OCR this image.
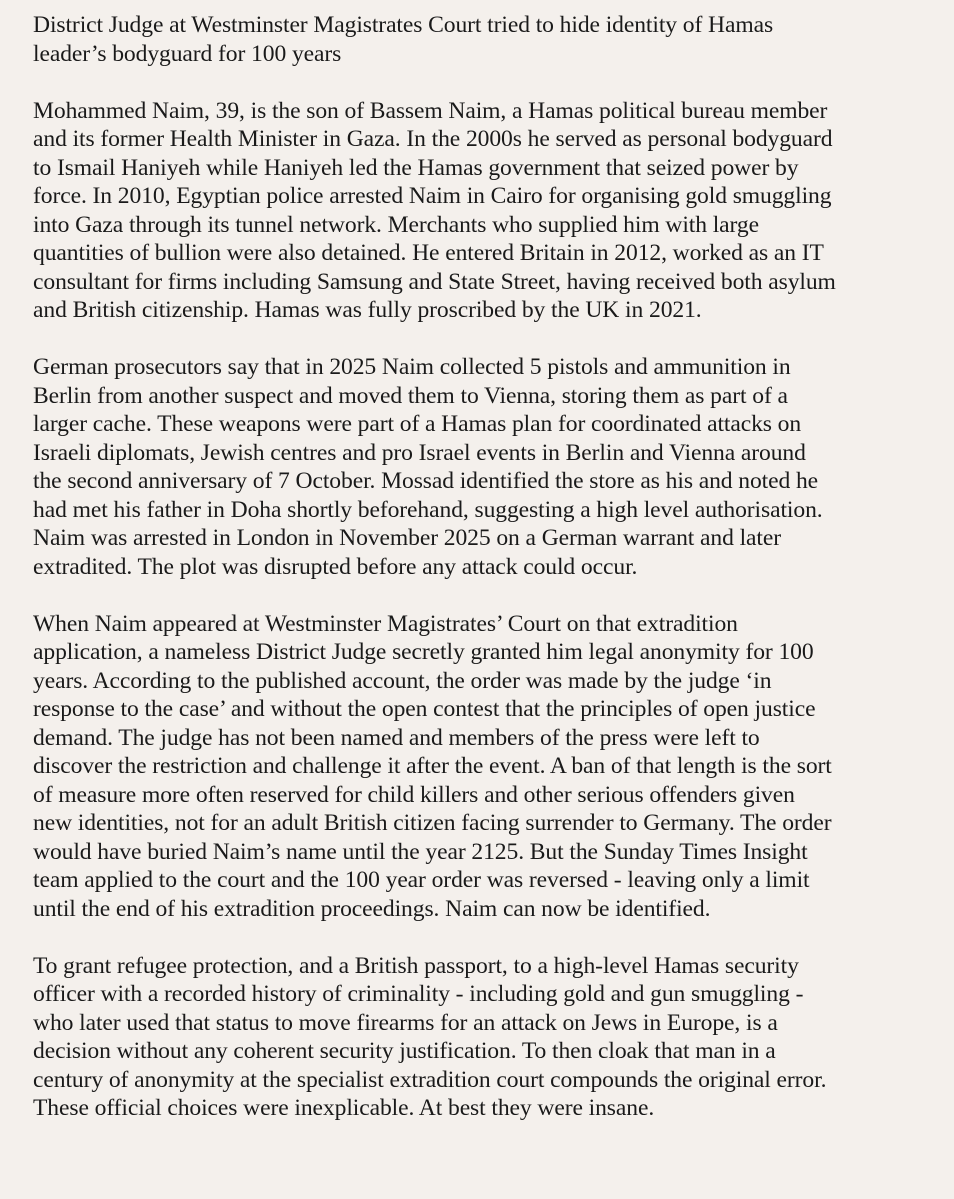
District Judge at Westminster Magistrates Court tried to hide identity of Hamas
leader’s bodyguard for 100 years
Mohammed Naim, 39, is the son of Bassem Naim, a Hamas political bureau member
and its former Health Minister in Gaza. In the 2000s he served as personal bodyguard
to Ismail Haniyeh while Haniyeh led the Hamas government that seized power by
force. In 2010, Egyptian police arrested Naim in Cairo for organising gold smuggling
into Gaza through its tunnel network. Merchants who supplied him with large
quantities of bullion were also detained. He entered Britain in 2012, worked as an IT
consultant for firms including Samsung and State Street, having received both asylum
and British citizenship. Hamas was fully proscribed by the UK in 2021.
German prosecutors say that in 2025 Naim collected 5 pistols and ammunition in
Berlin from another suspect and moved them to Vienna, storing them as part of a
larger cache. These weapons were part of a Hamas plan for coordinated attacks on
Israeli diplomats, Jewish centres and pro Israel events in Berlin and Vienna around
the second anniversary of 7 October. Mossad identified the store as his and noted he
had met his father in Doha shortly beforehand, suggesting a high level authorisation.
Naim was arrested in London in November 2025 on a German warrant and later
extradited. The plot was disrupted before any attack could occur.
When Naim appeared at Westminster Magistrates’ Court on that extradition
application, a nameless District Judge secretly granted him legal anonymity for 100
years. According to the published account, the order was made by the judge ‘in
response to the case’ and without the open contest that the principles of open justice
demand. The judge has not been named and members of the press were left to
discover the restriction and challenge it after the event. A ban of that length is the sort
of measure more often reserved for child killers and other serious offenders given
new identities, not for an adult British citizen facing surrender to Germany. The order
would have buried Naim’s name until the year 2125. But the Sunday Times Insight
team applied to the court and the 100 year order was reversed - leaving only a limit
until the end of his extradition proceedings. Naim can now be identified.
To grant refugee protection, and a British passport, to a high-level Hamas security
officer with a recorded history of criminality - including gold and gun smuggling -
who later used that status to move firearms for an attack on Jews in Europe, is a
decision without any coherent security justification. To then cloak that man in a
century of anonymity at the specialist extradition court compounds the original error.
These official choices were inexplicable. At best they were insane.
